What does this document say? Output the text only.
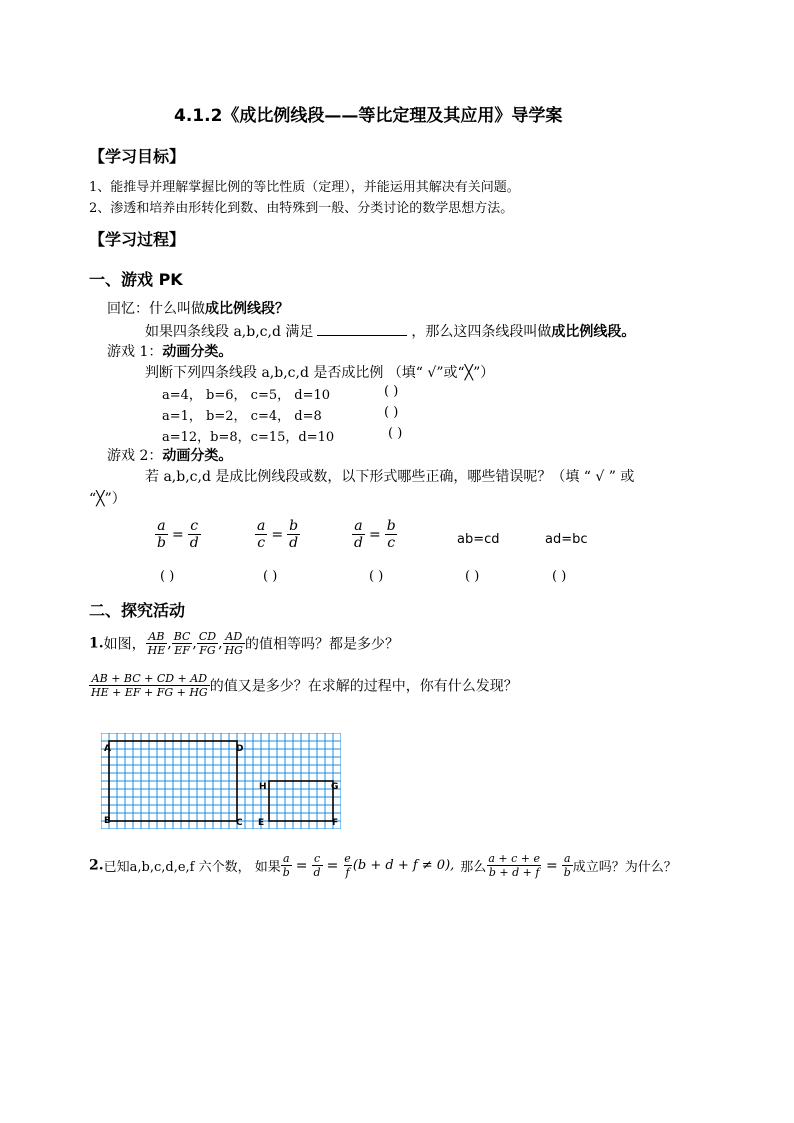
4.1.2《成比例线段——等比定理及其应用》导学案
【学习目标】
1、能推导并理解掌握比例的等比性质（定理），并能运用其解决有关问题。
2、渗透和培养由形转化到数、由特殊到一般、分类讨论的数学思想方法。
【学习过程】
一、游戏 PK
回忆：什么叫做成比例线段？
如果四条线段 a,b,c,d 满足	，那么这四条线段叫做成比例线段。
游戏 1：动画分类。
判断下列四条线段 a,b,c,d 是否成比例 （填“ √”或“╳”）
a=4， b=6， c=5， d=10	( )
a=1， b=2， c=4， d=8	( )
a=12，b=8，c=15，d=10	( )
游戏 2：动画分类。
若 a,b,c,d 是成比例线段或数，以下形式哪些正确，哪些错误呢？（填 “ √ ” 或
“╳”）
$\frac{a}{b} = \frac{c}{d}$	$\frac{a}{c} = \frac{b}{d}$	$\frac{a}{d} = \frac{b}{c}$	ab=cd	ad=bc
( )	( )	( )	( )	( )
二、探究活动
1.如图， $\frac{AB}{HE}$ , $\frac{BC}{EF}$ , $\frac{CD}{FG}$ , $\frac{AD}{HG}$ 的值相等吗？都是多少？
$\frac{AB + BC + CD + AD}{HE + EF + FG + HG}$ 的值又是多少？在求解的过程中，你有什么发现？
A	D
B	C
H	G
E	F
2.已知a,b,c,d,e,f 六个数， 如果 $\frac{a}{b} = \frac{c}{d} = \frac{e}{f} (b + d + f \ne 0)$, 那么 $\frac{a + c + e}{b + d + f} = \frac{a}{b}$ 成立吗？为什么？
